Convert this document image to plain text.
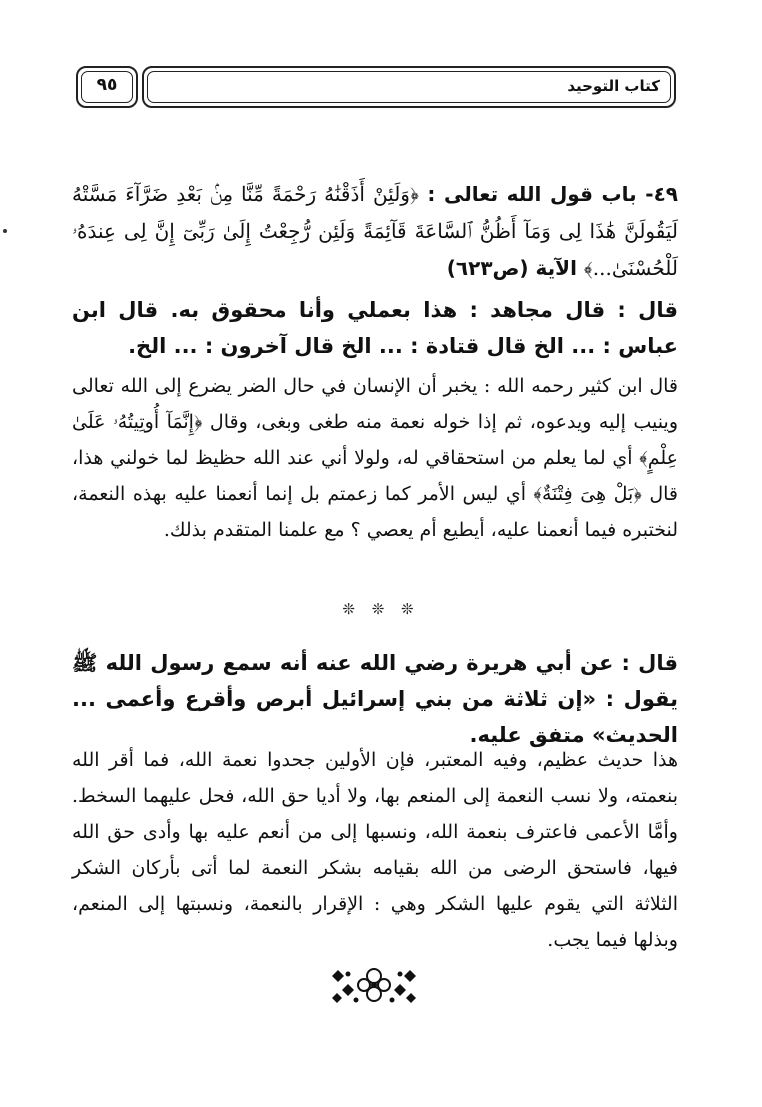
كتاب التوحيد
٩٥
٤٩- باب قول الله تعالى : ﴿وَلَئِنْ أَذَقْنَٰهُ رَحْمَةً مِّنَّا مِنۢ بَعْدِ ضَرَّآءَ مَسَّتْهُ لَيَقُولَنَّ هَٰذَا لِى وَمَآ أَظُنُّ ٱلسَّاعَةَ قَآئِمَةً وَلَئِن رُّجِعْتُ إِلَىٰ رَبِّىٓ إِنَّ لِى عِندَهُۥ لَلْحُسْنَىٰ...﴾ الآية (ص٦٢٣)
قال : قال مجاهد : هذا بعملي وأنا محقوق به. قال ابن عباس : ... الخ قال قتادة : ... الخ قال آخرون : ... الخ.
قال ابن كثير رحمه الله : يخبر أن الإنسان في حال الضر يضرع إلى الله تعالى وينيب إليه ويدعوه، ثم إذا خوله نعمة منه طغى وبغى، وقال ﴿إِنَّمَآ أُوتِيتُهُۥ عَلَىٰ عِلْمٍ﴾ أي لما يعلم من استحقاقي له، ولولا أني عند الله حظيظ لما خولني هذا، قال ﴿بَلْ هِىَ فِتْنَةٌ﴾ أي ليس الأمر كما زعمتم بل إنما أنعمنا عليه بهذه النعمة، لنختبره فيما أنعمنا عليه، أيطيع أم يعصي ؟ مع علمنا المتقدم بذلك.
❊ ❊ ❊
قال : عن أبي هريرة رضي الله عنه أنه سمع رسول الله ﷺ يقول : «إن ثلاثة من بني إسرائيل أبرص وأقرع وأعمى ... الحديث» متفق عليه.
هذا حديث عظيم، وفيه المعتبر، فإن الأولين جحدوا نعمة الله، فما أقر الله بنعمته، ولا نسب النعمة إلى المنعم بها، ولا أديا حق الله، فحل عليهما السخط. وأمَّا الأعمى فاعترف بنعمة الله، ونسبها إلى من أنعم عليه بها وأدى حق الله فيها، فاستحق الرضى من الله بقيامه بشكر النعمة لما أتى بأركان الشكر الثلاثة التي يقوم عليها الشكر وهي : الإقرار بالنعمة، ونسبتها إلى المنعم، وبذلها فيما يجب.
